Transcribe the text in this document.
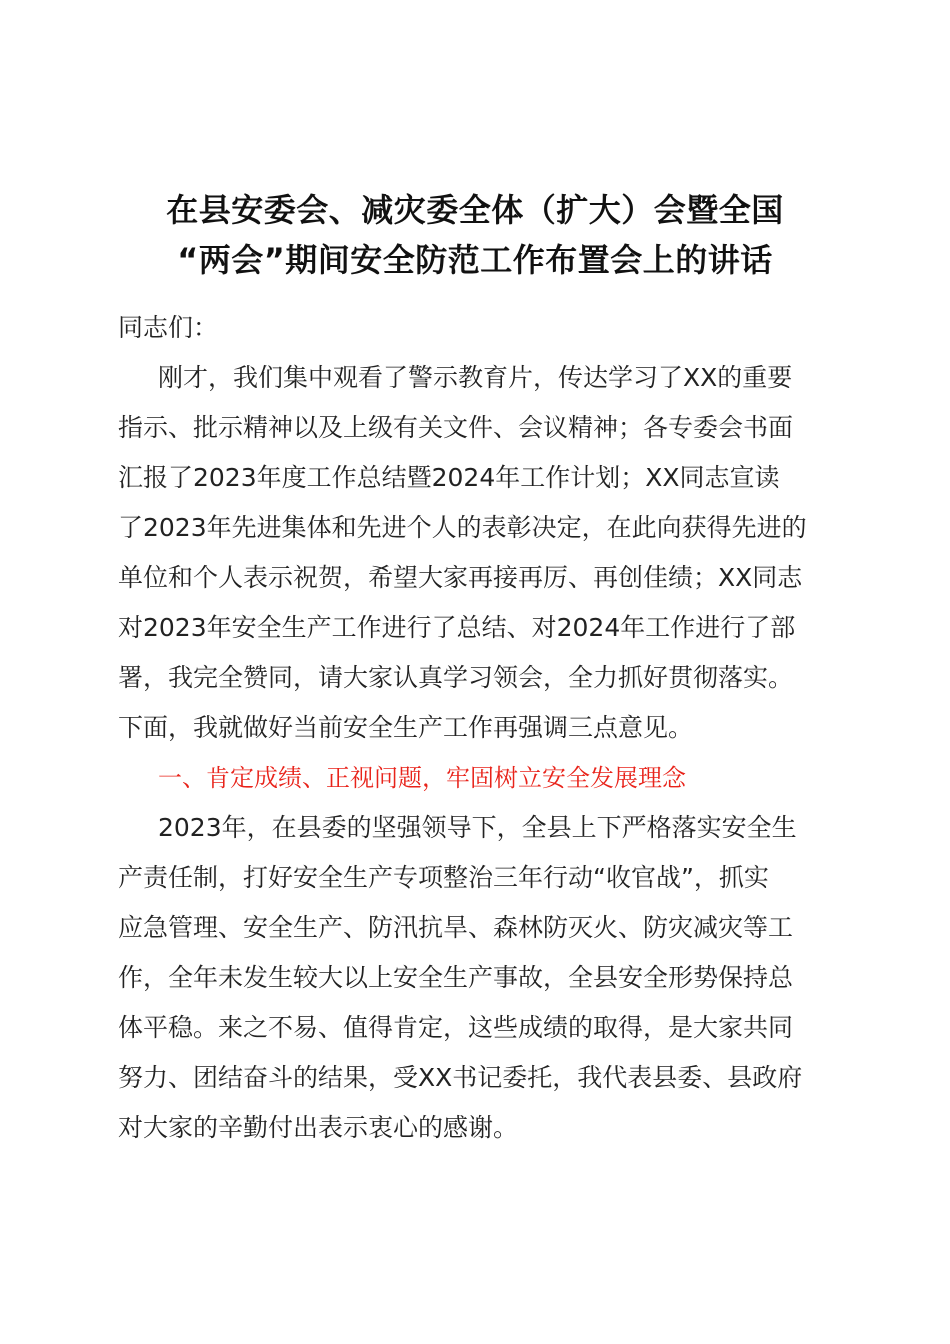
在县安委会、减灾委全体（扩大）会暨全国
“两会”期间安全防范工作布置会上的讲话
同志们：
刚才，我们集中观看了警示教育片，传达学习了XX的重要
指示、批示精神以及上级有关文件、会议精神；各专委会书面
汇报了2023年度工作总结暨2024年工作计划；XX同志宣读
了2023年先进集体和先进个人的表彰决定，在此向获得先进的
单位和个人表示祝贺，希望大家再接再厉、再创佳绩；XX同志
对2023年安全生产工作进行了总结、对2024年工作进行了部
署，我完全赞同，请大家认真学习领会，全力抓好贯彻落实。
下面，我就做好当前安全生产工作再强调三点意见。
一、肯定成绩、正视问题，牢固树立安全发展理念
2023年，在县委的坚强领导下，全县上下严格落实安全生
产责任制，打好安全生产专项整治三年行动“收官战”，抓实
应急管理、安全生产、防汛抗旱、森林防灭火、防灾减灾等工
作，全年未发生较大以上安全生产事故，全县安全形势保持总
体平稳。来之不易、值得肯定，这些成绩的取得，是大家共同
努力、团结奋斗的结果，受XX书记委托，我代表县委、县政府
对大家的辛勤付出表示衷心的感谢。
